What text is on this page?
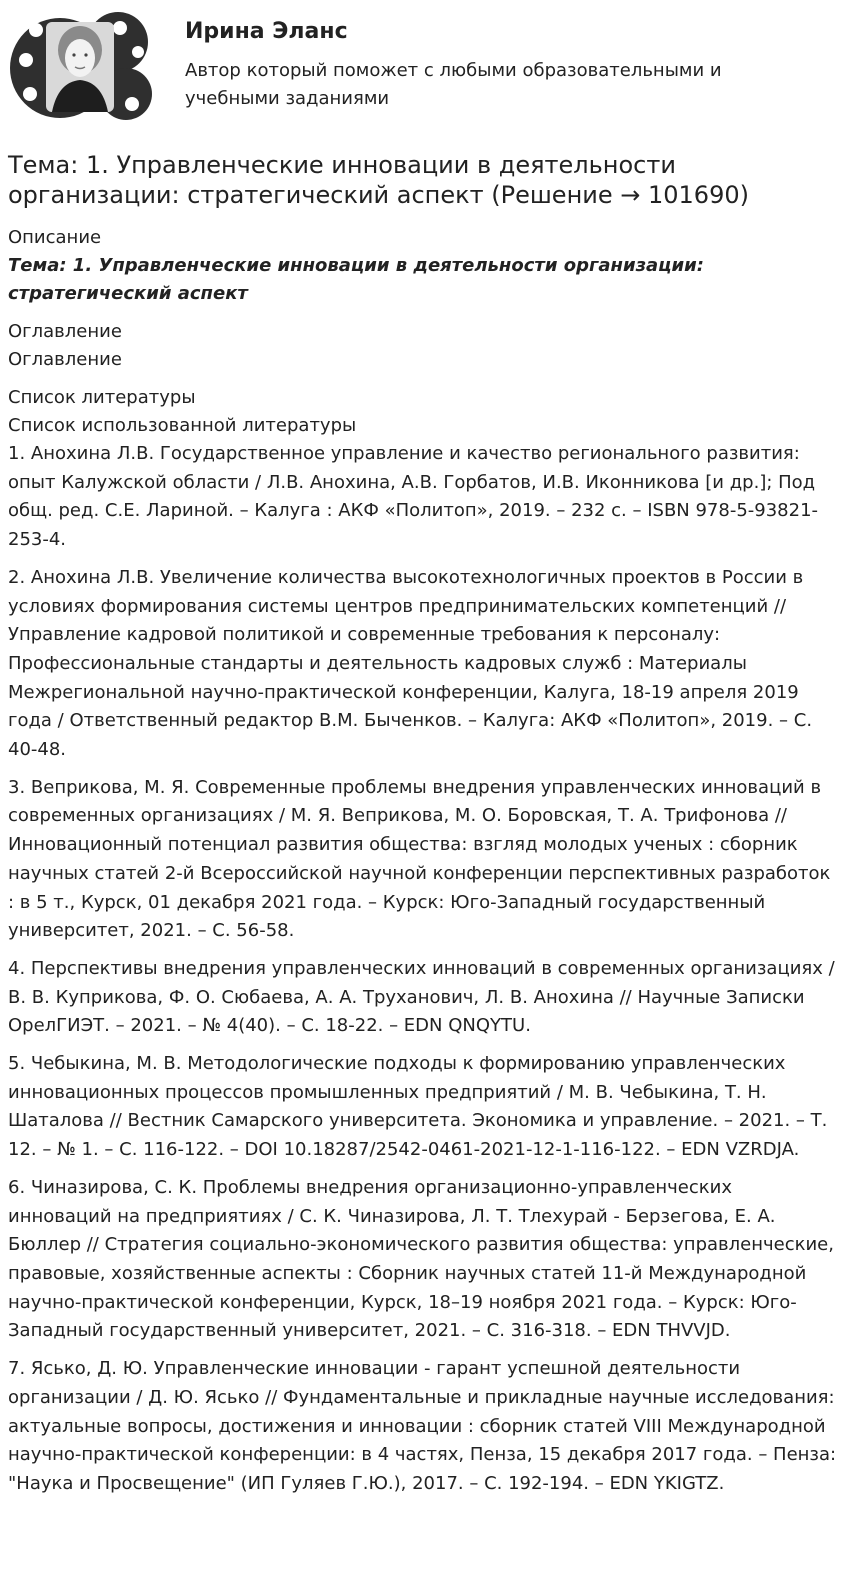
Ирина Эланс
Автор который поможет с любыми образовательными и учебными заданиями
Тема: 1. Управленческие инновации в деятельности организации: стратегический аспект (Решение → 101690)

Описание

Тема: 1. Управленческие инновации в деятельности организации: стратегический аспект

Оглавление

Оглавление

Список литературы

Список использованной литературы

1. Анохина Л.В. Государственное управление и качество регионального развития: опыт Калужской области / Л.В. Анохина, А.В. Горбатов, И.В. Иконникова [и др.]; Под общ. ред. С.Е. Лариной. – Калуга : АКФ «Политоп», 2019. – 232 с. – ISBN 978-5-93821-253-4.

2. Анохина Л.В. Увеличение количества высокотехнологичных проектов в России в условиях формирования системы центров предпринимательских компетенций // Управление кадровой политикой и современные требования к персоналу: Профессиональные стандарты и деятельность кадровых служб : Материалы Межрегиональной научно-практической конференции, Калуга, 18-19 апреля 2019 года / Ответственный редактор В.М. Быченков. – Калуга: АКФ «Политоп», 2019. – С. 40-48.

3. Веприкова, М. Я. Современные проблемы внедрения управленческих инноваций в современных организациях / М. Я. Веприкова, М. О. Боровская, Т. А. Трифонова // Инновационный потенциал развития общества: взгляд молодых ученых : сборник научных статей 2-й Всероссийской научной конференции перспективных разработок : в 5 т., Курск, 01 декабря 2021 года. – Курск: Юго-Западный государственный университет, 2021. – С. 56-58.

4. Перспективы внедрения управленческих инноваций в современных организациях / В. В. Куприкова, Ф. О. Сюбаева, А. А. Труханович, Л. В. Анохина // Научные Записки ОрелГИЭТ. – 2021. – № 4(40). – С. 18-22. – EDN QNQYTU.

5. Чебыкина, М. В. Методологические подходы к формированию управленческих инновационных процессов промышленных предприятий / М. В. Чебыкина, Т. Н. Шаталова // Вестник Самарского университета. Экономика и управление. – 2021. – Т. 12. – № 1. – С. 116-122. – DOI 10.18287/2542-0461-2021-12-1-116-122. – EDN VZRDJA.

6. Чиназирова, С. К. Проблемы внедрения организационно-управленческих инноваций на предприятиях / С. К. Чиназирова, Л. Т. Тлехурай - Берзегова, Е. А. Бюллер // Стратегия социально-экономического развития общества: управленческие, правовые, хозяйственные аспекты : Сборник научных статей 11-й Международной научно-практической конференции, Курск, 18–19 ноября 2021 года. – Курск: Юго-Западный государственный университет, 2021. – С. 316-318. – EDN THVVJD.

7. Ясько, Д. Ю. Управленческие инновации - гарант успешной деятельности организации / Д. Ю. Ясько // Фундаментальные и прикладные научные исследования: актуальные вопросы, достижения и инновации : сборник статей VIII Международной научно-практической конференции: в 4 частях, Пенза, 15 декабря 2017 года. – Пенза: "Наука и Просвещение" (ИП Гуляев Г.Ю.), 2017. – С. 192-194. – EDN YKIGTZ.
